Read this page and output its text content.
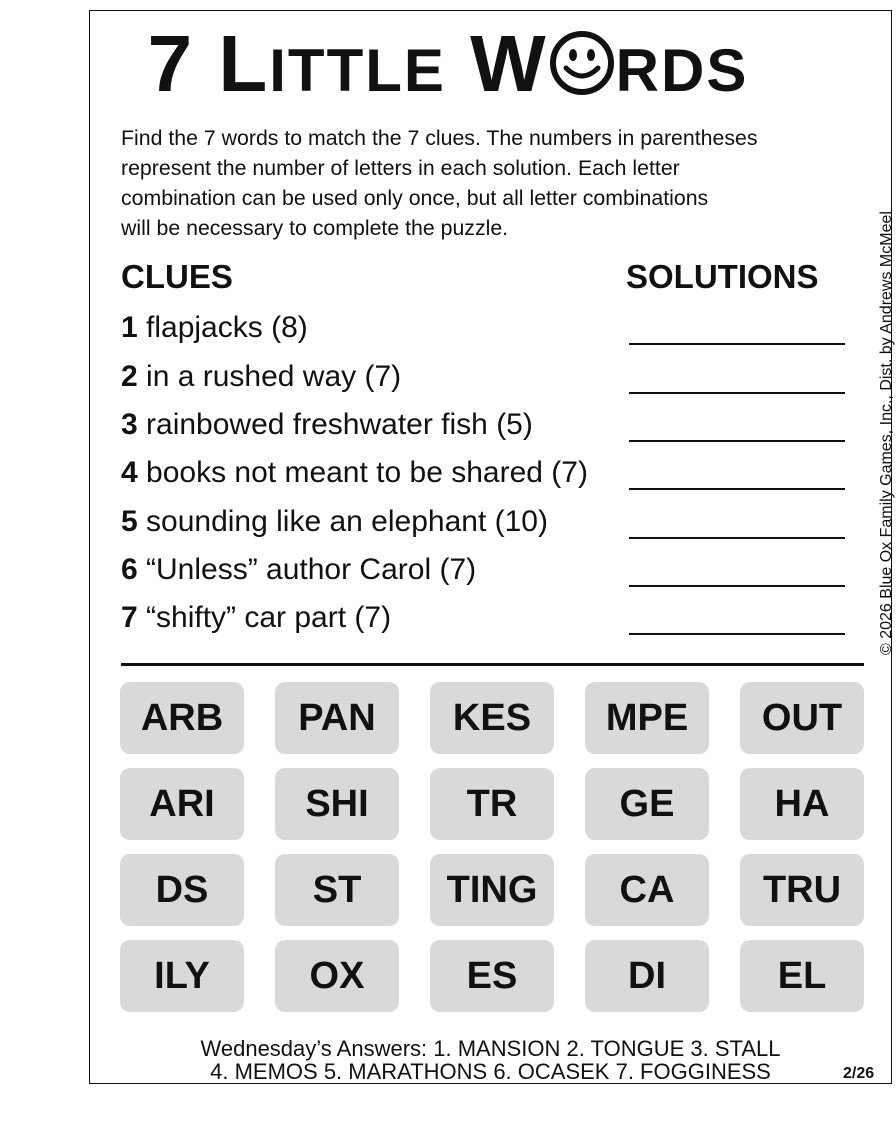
7 LITTLE W RDS
Find the 7 words to match the 7 clues. The numbers in parentheses
represent the number of letters in each solution. Each letter
combination can be used only once, but all letter combinations
will be necessary to complete the puzzle.
CLUES	SOLUTIONS
1 flapjacks (8)
2 in a rushed way (7)
3 rainbowed freshwater fish (5)
4 books not meant to be shared (7)
5 sounding like an elephant (10)
6 “Unless” author Carol (7)
7 “shifty” car part (7)
ARB	PAN	KES	MPE	OUT
ARI	SHI	TR	GE	HA
DS	ST	TING	CA	TRU
ILY	OX	ES	DI	EL
© 2026 Blue Ox Family Games, Inc., Dist. by Andrews McMeel
Wednesday’s Answers: 1. MANSION 2. TONGUE 3. STALL
4. MEMOS 5. MARATHONS 6. OCASEK 7. FOGGINESS	2/26
